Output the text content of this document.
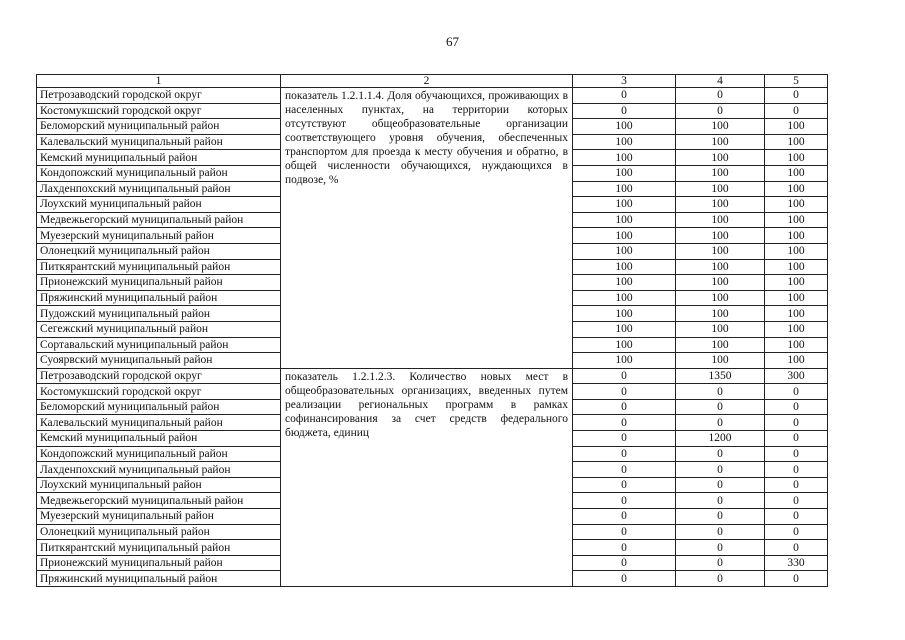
67
1	2	3	4	5
Петрозаводский городской округ	показатель 1.2.1.1.4. Доля обучающихся, проживающих в населенных пунктах, на территории которых отсутствуют общеобразовательные организации соответствующего уровня обучения, обеспеченных транспортом для проезда к месту обучения и обратно, в общей численности обучающихся, нуждающихся в подвозе, %	0	0	0
Костомукшский городской округ		0	0	0
Беломорский муниципальный район		100	100	100
Калевальский муниципальный район		100	100	100
Кемский муниципальный район		100	100	100
Кондопожский муниципальный район		100	100	100
Лахденпохский муниципальный район		100	100	100
Лоухский муниципальный район		100	100	100
Медвежьегорский муниципальный район		100	100	100
Муезерский муниципальный район		100	100	100
Олонецкий муниципальный район		100	100	100
Питкярантский муниципальный район		100	100	100
Прионежский муниципальный район		100	100	100
Пряжинский муниципальный район		100	100	100
Пудожский муниципальный район		100	100	100
Сегежский муниципальный район		100	100	100
Сортавальский муниципальный район		100	100	100
Суоярвский муниципальный район		100	100	100
Петрозаводский городской округ	показатель 1.2.1.2.3. Количество новых мест в общеобразовательных организациях, введенных путем реализации региональных программ в рамках софинансирования за счет средств федерального бюджета, единиц	0	1350	300
Костомукшский городской округ		0	0	0
Беломорский муниципальный район		0	0	0
Калевальский муниципальный район		0	0	0
Кемский муниципальный район		0	1200	0
Кондопожский муниципальный район		0	0	0
Лахденпохский муниципальный район		0	0	0
Лоухский муниципальный район		0	0	0
Медвежьегорский муниципальный район		0	0	0
Муезерский муниципальный район		0	0	0
Олонецкий муниципальный район		0	0	0
Питкярантский муниципальный район		0	0	0
Прионежский муниципальный район		0	0	330
Пряжинский муниципальный район		0	0	0
